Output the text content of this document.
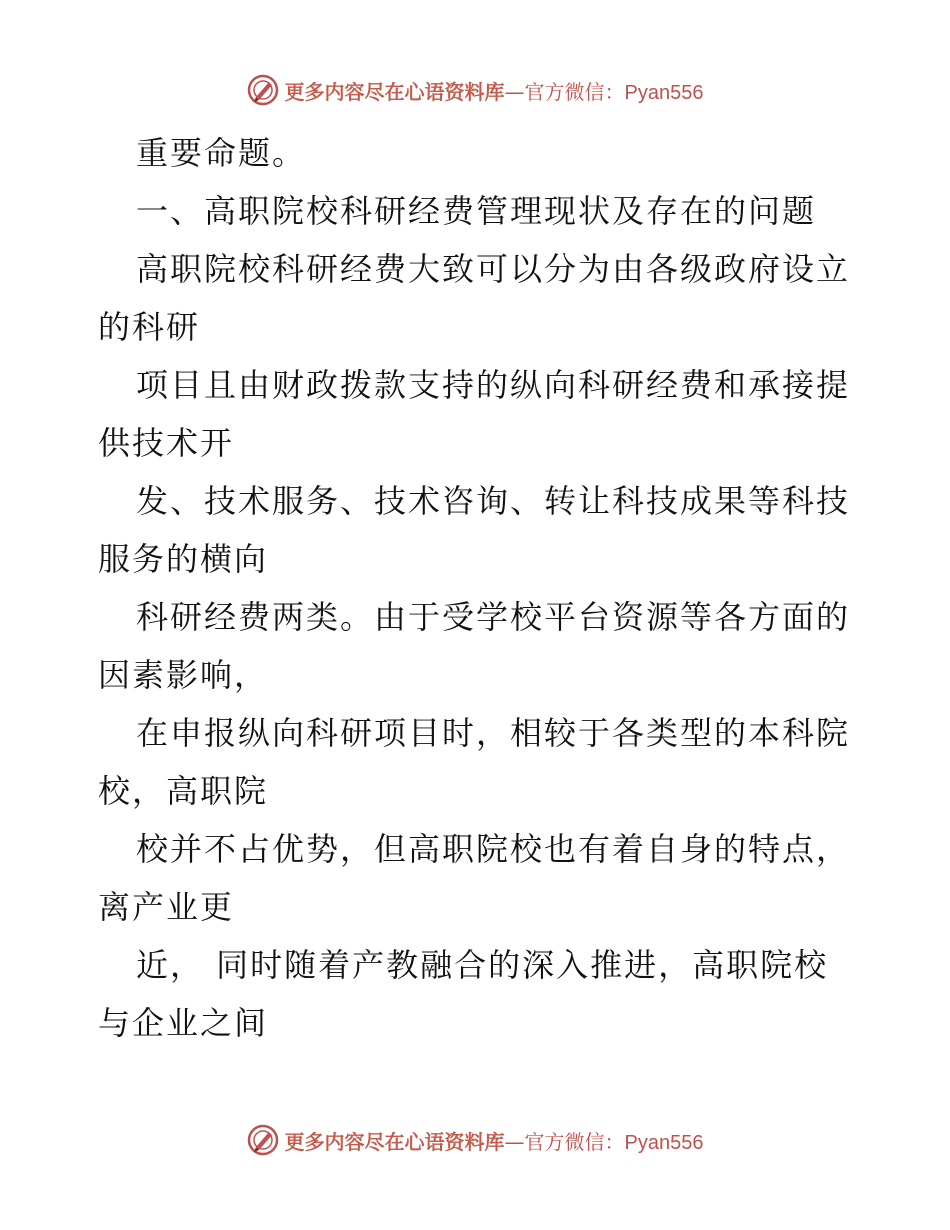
更多内容尽在心语资料库—官方微信：Pyan556
重要命题。
一、高职院校科研经费管理现状及存在的问题
高职院校科研经费大致可以分为由各级政府设立
的科研
项目且由财政拨款支持的纵向科研经费和承接提
供技术开
发、技术服务、技术咨询、转让科技成果等科技
服务的横向
科研经费两类。由于受学校平台资源等各方面的
因素影响，
在申报纵向科研项目时，相较于各类型的本科院
校，高职院
校并不占优势，但高职院校也有着自身的特点，
离产业更
近， 同时随着产教融合的深入推进，高职院校
与企业之间
更多内容尽在心语资料库—官方微信：Pyan556
